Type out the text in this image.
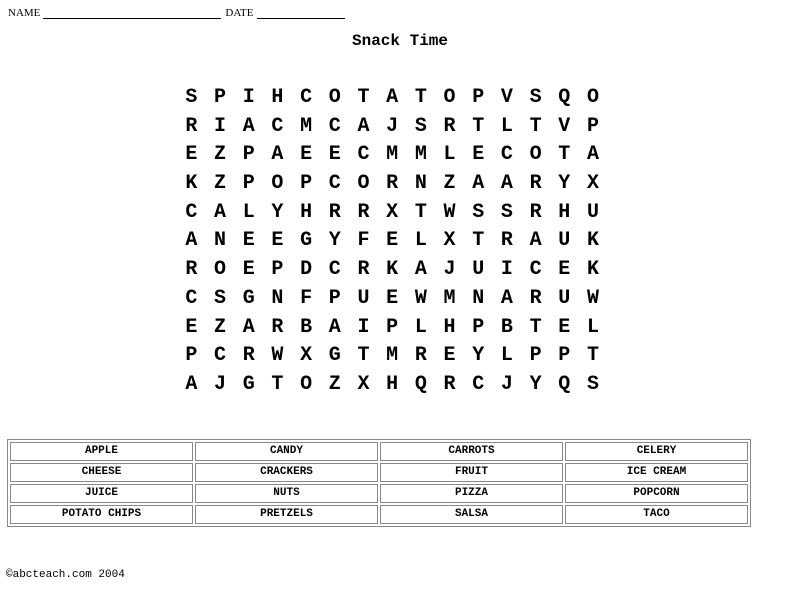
NAME	DATE
Snack Time
S P I H C O T A T O P V S Q O
R I A C M C A J S R T L T V P
E Z P A E E C M M L E C O T A
K Z P O P C O R N Z A A R Y X
C A L Y H R R X T W S S R H U
A N E E G Y F E L X T R A U K
R O E P D C R K A J U I C E K
C S G N F P U E W M N A R U W
E Z A R B A I P L H P B T E L
P C R W X G T M R E Y L P P T
A J G T O Z X H Q R C J Y Q S
APPLE	CANDY	CARROTS	CELERY
CHEESE	CRACKERS	FRUIT	ICE CREAM
JUICE	NUTS	PIZZA	POPCORN
POTATO CHIPS	PRETZELS	SALSA	TACO
©abcteach.com 2004
